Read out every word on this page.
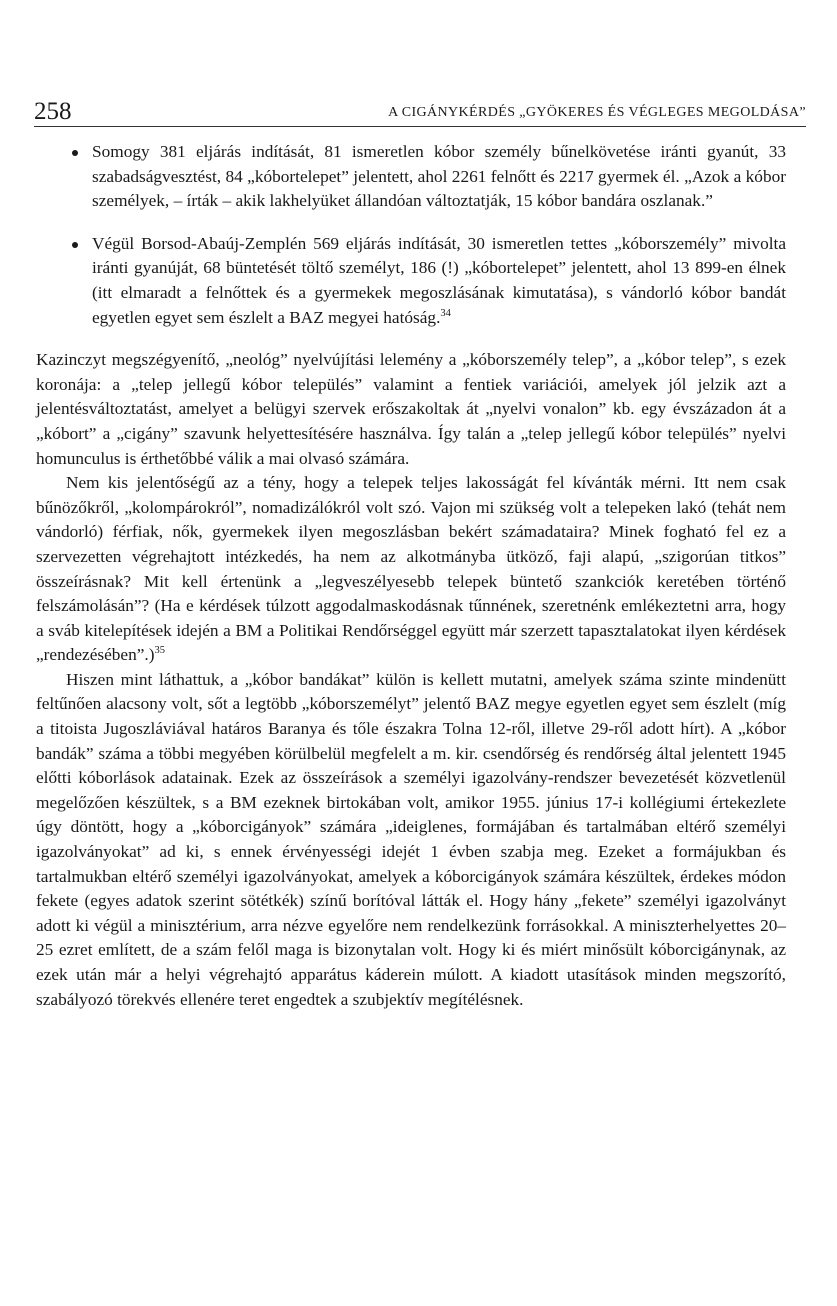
258	A CIGÁNYKÉRDÉS „GYÖKERES ÉS VÉGLEGES MEGOLDÁSA”
Somogy 381 eljárás indítását, 81 ismeretlen kóbor személy bűnelkövetése iránti gyanút, 33 szabadságvesztést, 84 „kóbortelepet” jelentett, ahol 2261 felnőtt és 2217 gyermek él. „Azok a kóbor személyek, – írták – akik lakhelyüket állandóan változtatják, 15 kóbor bandára oszlanak.”
Végül Borsod-Abaúj-Zemplén 569 eljárás indítását, 30 ismeretlen tettes „kóborszemély” mivolta iránti gyanúját, 68 büntetését töltő személyt, 186 (!) „kóbortelepet” jelentett, ahol 13 899-en élnek (itt elmaradt a felnőttek és a gyermekek megoszlásának kimutatása), s vándorló kóbor bandát egyetlen egyet sem észlelt a BAZ megyei hatóság.$^{34}$

Kazinczyt megszégyenítő, „neológ” nyelvújítási lelemény a „kóborszemély telep”, a „kóbor telep”, s ezek koronája: a „telep jellegű kóbor település” valamint a fentiek variációi, amelyek jól jelzik azt a jelentésváltoztatást, amelyet a belügyi szervek erőszakoltak át „nyelvi vonalon” kb. egy évszázadon át a „kóbort” a „cigány” szavunk helyettesítésére használva. Így talán a „telep jellegű kóbor település” nyelvi homunculus is érthetőbbé válik a mai olvasó számára.

Nem kis jelentőségű az a tény, hogy a telepek teljes lakosságát fel kívánták mérni. Itt nem csak bűnözőkről, „kolompárokról”, nomadizálókról volt szó. Vajon mi szükség volt a telepeken lakó (tehát nem vándorló) férfiak, nők, gyermekek ilyen megoszlásban bekért számadataira? Minek fogható fel ez a szervezetten végrehajtott intézkedés, ha nem az alkotmányba ütköző, faji alapú, „szigorúan titkos” összeírásnak? Mit kell értenünk a „legveszélyesebb telepek büntető szankciók keretében történő felszámolásán”? (Ha e kérdések túlzott aggodalmaskodásnak tűnnének, szeretnénk emlékeztetni arra, hogy a sváb kitelepítések idején a BM a Politikai Rendőrséggel együtt már szerzett tapasztalatokat ilyen kérdések „rendezésében”.)$^{35}$

Hiszen mint láthattuk, a „kóbor bandákat” külön is kellett mutatni, amelyek száma szinte mindenütt feltűnően alacsony volt, sőt a legtöbb „kóborszemélyt” jelentő BAZ megye egyetlen egyet sem észlelt (míg a titoista Jugoszláviával határos Baranya és tőle északra Tolna 12-ről, illetve 29-ről adott hírt). A „kóbor bandák” száma a többi megyében körülbelül megfelelt a m. kir. csendőrség és rendőrség által jelentett 1945 előtti kóborlások adatainak. Ezek az összeírások a személyi igazolvány-rendszer bevezetését közvetlenül megelőzően készültek, s a BM ezeknek birtokában volt, amikor 1955. június 17-i kollégiumi értekezlete úgy döntött, hogy a „kóborcigányok” számára „ideiglenes, formájában és tartalmában eltérő személyi igazolványokat” ad ki, s ennek érvényességi idejét 1 évben szabja meg. Ezeket a formájukban és tartalmukban eltérő személyi igazolványokat, amelyek a kóborcigányok számára készültek, érdekes módon fekete (egyes adatok szerint sötétkék) színű borítóval látták el. Hogy hány „fekete” személyi igazolványt adott ki végül a minisztérium, arra nézve egyelőre nem rendelkezünk forrásokkal. A miniszterhelyettes 20–25 ezret említett, de a szám felől maga is bizonytalan volt. Hogy ki és miért minősült kóborcigánynak, az ezek után már a helyi végrehajtó apparátus káderein múlott. A kiadott utasítások minden megszorító, szabályozó törekvés ellenére teret engedtek a szubjektív megítélésnek.
